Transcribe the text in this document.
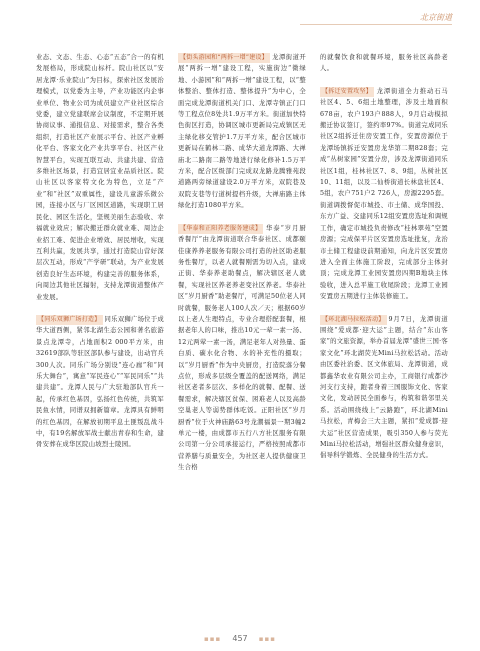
北京街道

业态、文态、生态、心态“五态”合一的有机发展格局，形成院山标杆。院山社区以“安居龙潭·乐业院山”为目标，探索社区发展治理模式，以党委为主导，产业功能区内企事业单位、物业公司为成员建立产业社区综合党委，建立党建联席会议制度，不定期开展协商议事、通报信息、对接需求，整合各类组织，打造社区产业展示平台、社区产业孵化平台、客家文化产业共享平台、社区产业智慧平台，实现互联互动、共建共建、营造多维社区场景，打造宜居宜业品质社区。院山社区以客家特文化为特色，立足“产业”和“社区”双重属性，建设儿童游乐微公园，连接小区与厂区园区道路，实现职工居民化、园区生活化，坚规美丽生态验收、幸福就业效应；解决搬迁群众就业难、周边企业招工难、促进企业增效、居民增收，实现互利共赢，发展共享，通过打造院山营好深层次互动，形成“产学研”联动，为产业发展创造良好生态环境，构建完善的服务体系，向周边其他社区辐射，支持龙潭街道整体产业发展。

【同乐双狮广场打造】 同乐双狮广场位于成华大道西侧，紧邻北湖生态公园和著名旅游景点龙潭寺，占地面积2 000平方米，由32619部队等驻区部队参与建设，出动官兵300人次。同乐广场分别设“连心廊”和“同乐大舞台”，寓意“军民连心”“军民同乐”“共建共建”。龙潭人民与广大驻地部队官兵一起，传承红色基因，弘扬红色传统，共筑军民鱼水情，同谱双拥新篇章。龙潭具有鲜明的红色基因，在解放初期平息土匪叛乱战斗中，有19名解放军战士献出青春和生命，建骨安葬在成华区院山坡烈士陵园。

【街头游园和“两拆一增”建设】 龙潭街道开展“两拆一增”建设工程，实施街边“微绿地、小游园”和“两拆一增”建设工程，以“整体整治、整体打造、整体提升”为中心，全面完成龙潭街道机关门口、龙潭寺镇正门口等工程点位8处共1.9万平方米。街道加快特色街区打造，协调区城市更新局完成镇区无主绿化移交管护1.7万平方米，配合区城市更新局在鹤林二路、成华大道龙潭路、大禅庙北二路南二路等地进行绿化修补1.5万平方米，配合区级部门完成双龙路龙腾雅苑段道路两旁绿道建设2.0万平方米，双院巷及双院支巷等行道树提档升级，大禅庙路主体绿化打造1080平方米。

【华泰和正阳养老服务建成】 华泰“岁月厨香餐厅”由龙潭街道联合华泰社区、成都颐佳康养养老服务有限公司打造的社区助老服务性餐厅，以老人就餐刚需为切入点，建成正街、华泰养老助餐点，解决辖区老人就餐，实现社区养老养老变社区养老。华泰社区“岁月厨香”助老餐厅，可满足50位老人同时就餐，服务老人100人次／天；根据60岁以上老人生理特点，专业合理搭配套餐，根据老年人的口味，推出10元一荤一素一汤、12元两荤一素一汤，满足老年人对热量、蛋白质、碳水化合物、水的补充性的摄取；以“岁月厨香”作为中央厨房，打造院落分餐点位，形成多层级全覆盖的配送网络，满足社区老者多层次、多样化的就餐、配餐、送餐需求，解决辖区贫保、困难老人以及高龄空巢老人等弱势群体吃饭。正阳社区“岁月厨香”位于火神庙路63号龙潮福景一期3幢2单元一楼，由成都市五行八方社区服务有限公司第一分公司承接运行，严格按照成都市营养膳与质量安全，为社区老人提供健康卫生合格

的就餐饮食和就餐环境，服务社区高龄老人。

【拆迁安置攻坚】 龙潭街道全力推动石马社区4、5、6组土地整理，涉及土地面积678亩，农户193户888人，9月启动模拟搬迁协议签订，签约率97%。街道完成同乐社区2组拆迁住房安置工作，安置房源位于龙潭场镇拆迁安置房龙华第二期828套；完成“丛树家园”安置分房，涉及龙潭街道同乐社区1组，桂林社区7、8、9组，丛树社区10、11组，以及二仙桥街道长林盘社区4、5组，农户751户2 726人，房源2295套。街道调拨督促市城投、市土储、成华国投、东方广益、交建同乐12组安置房选址和调规工作，确定市城投负责修改“桂林翠苑”空置房源；完成保平片区安置房选址批复，龙治市土储工程建设前期通知，向龙片区安置房进入全面主体施工阶段，完成部分主体封顶；完成龙潭工业园安置房四期B地块主体验收，进入总平施工收尾阶段；龙潭工业园安置房五期进行主体装修施工。

【环北湖马拉松活动】 9月7日，龙潭街道围绕“爱成都·迎大运”主题，结合“东山客家”的文旅资源，举办首届龙潭“盛世三国·客家文化”环北湖荧光Mini马拉松活动。活动由区委社治委、区文体旅局、龙潭街道，成都鑫华农业有限公司主办，工商银行成都沙河支行支持，跑者身着三国服饰文化、客家文化，发动居民全面参与，构筑和谐邻里关系。活动围绕线上“云路跑”，环北湖Mini马拉松，青梅会三大主题，紧扣“爱成都·迎大运”社区营造成果，吸引350人参与荧光Mini马拉松活动，增强社区群众健身意识，倡导科学锻炼、全民健身的生活方式。

▪▪▪ 457 ▪▪▪
